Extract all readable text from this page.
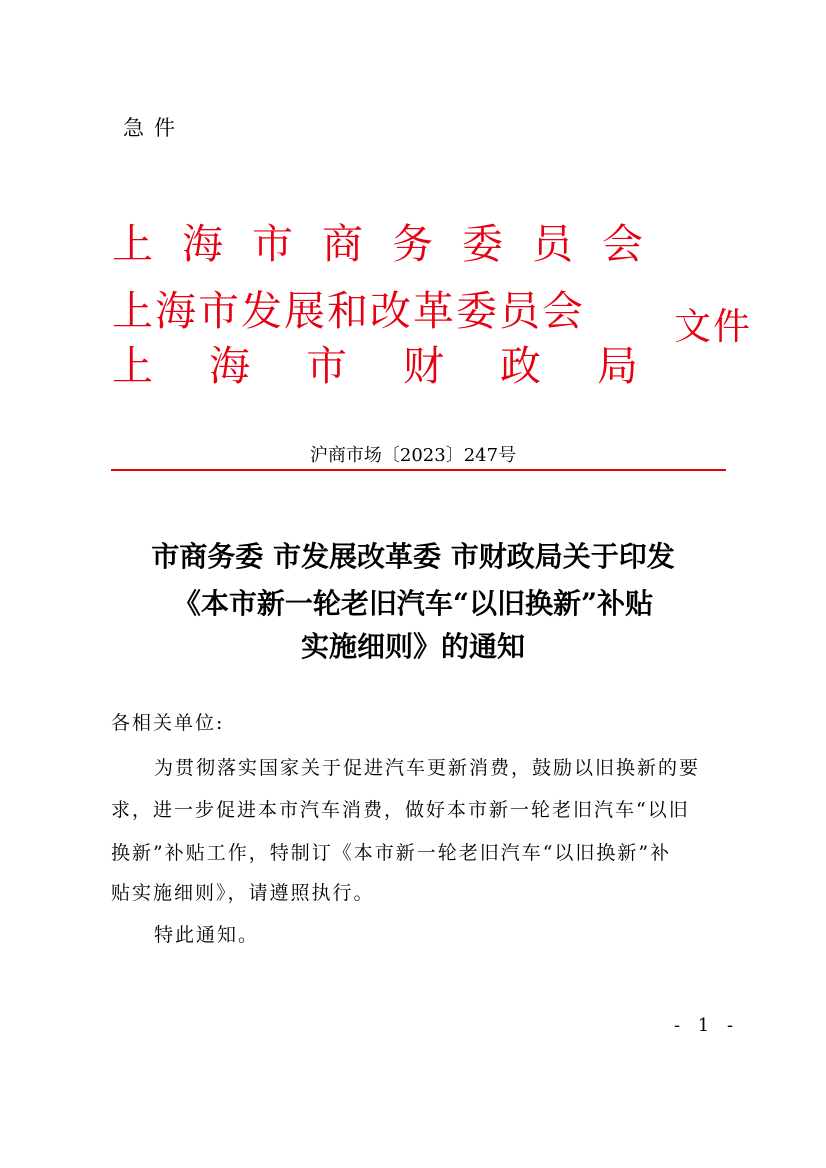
急件
上 海 市 商 务 委 员 会
上海市发展和改革委员会 文件
上 海 市 财 政 局
沪商市场〔2023〕247号
市商务委 市发展改革委 市财政局关于印发
《本市新一轮老旧汽车“以旧换新”补贴
实施细则》的通知
各相关单位:
为贯彻落实国家关于促进汽车更新消费，鼓励以旧换新的要
求，进一步促进本市汽车消费，做好本市新一轮老旧汽车“以旧
换新”补贴工作，特制订《本市新一轮老旧汽车“以旧换新”补
贴实施细则》，请遵照执行。
特此通知。
- 1 -
